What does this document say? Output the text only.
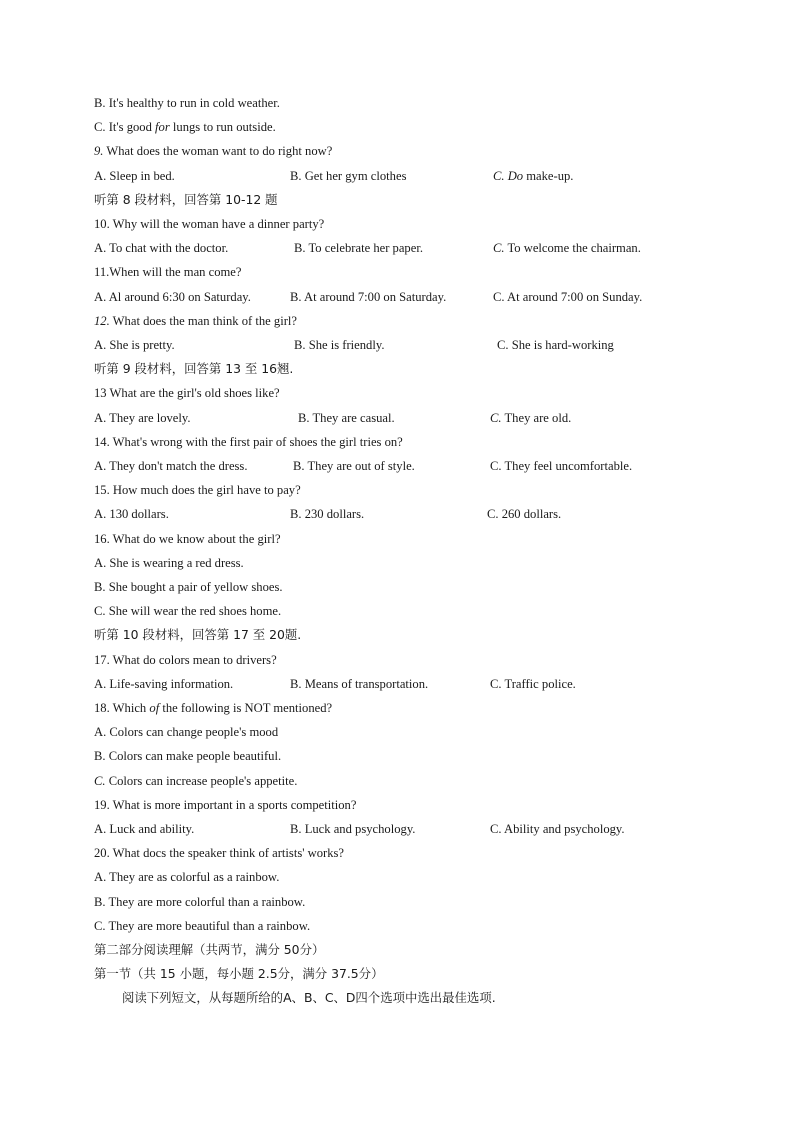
B. It's healthy to run in cold weather.
C. It's good for lungs to run outside.
9. What does the woman want to do right now?
A. Sleep in bed.	B. Get her gym clothes	C. Do make-up.
听第 8 段材料，回答第 10-12 题
10. Why will the woman have a dinner party?
A. To chat with the doctor.	B. To celebrate her paper.	C. To welcome the chairman.
11.When will the man come?
A. Al around 6:30 on Saturday.	B. At around 7:00 on Saturday.	C. At around 7:00 on Sunday.
12. What does the man think of the girl?
A. She is pretty.	B. She is friendly.	C. She is hard-working
听第 9 段材料，回答第 13 至 16翘.
13 What are the girl's old shoes like?
A. They are lovely.	B. They are casual.	C. They are old.
14. What's wrong with the first pair of shoes the girl tries on?
A. They don't match the dress.	B. They are out of style.	C. They feel uncomfortable.
15. How much does the girl have to pay?
A. 130 dollars.	B. 230 dollars.	C. 260 dollars.
16. What do we know about the girl?
A. She is wearing a red dress.
B. She bought a pair of yellow shoes.
C. She will wear the red shoes home.
听第 10 段材料，回答第 17 至 20题.
17. What do colors mean to drivers?
A. Life-saving information.	B. Means of transportation.	C. Traffic police.
18. Which of the following is NOT mentioned?
A. Colors can change people's mood
B. Colors can make people beautiful.
C. Colors can increase people's appetite.
19. What is more important in a sports competition?
A. Luck and ability.	B. Luck and psychology.	C. Ability and psychology.
20. What docs the speaker think of artists' works?
A. They are as colorful as a rainbow.
B. They are more colorful than a rainbow.
C. They are more beautiful than a rainbow.
第二部分阅读理解（共两节，满分 50分）
第一节（共 15 小题，每小题 2.5分，满分 37.5分）
阅读下列短文，从每题所给的A、B、C、D四个选项中选出最佳选项.
